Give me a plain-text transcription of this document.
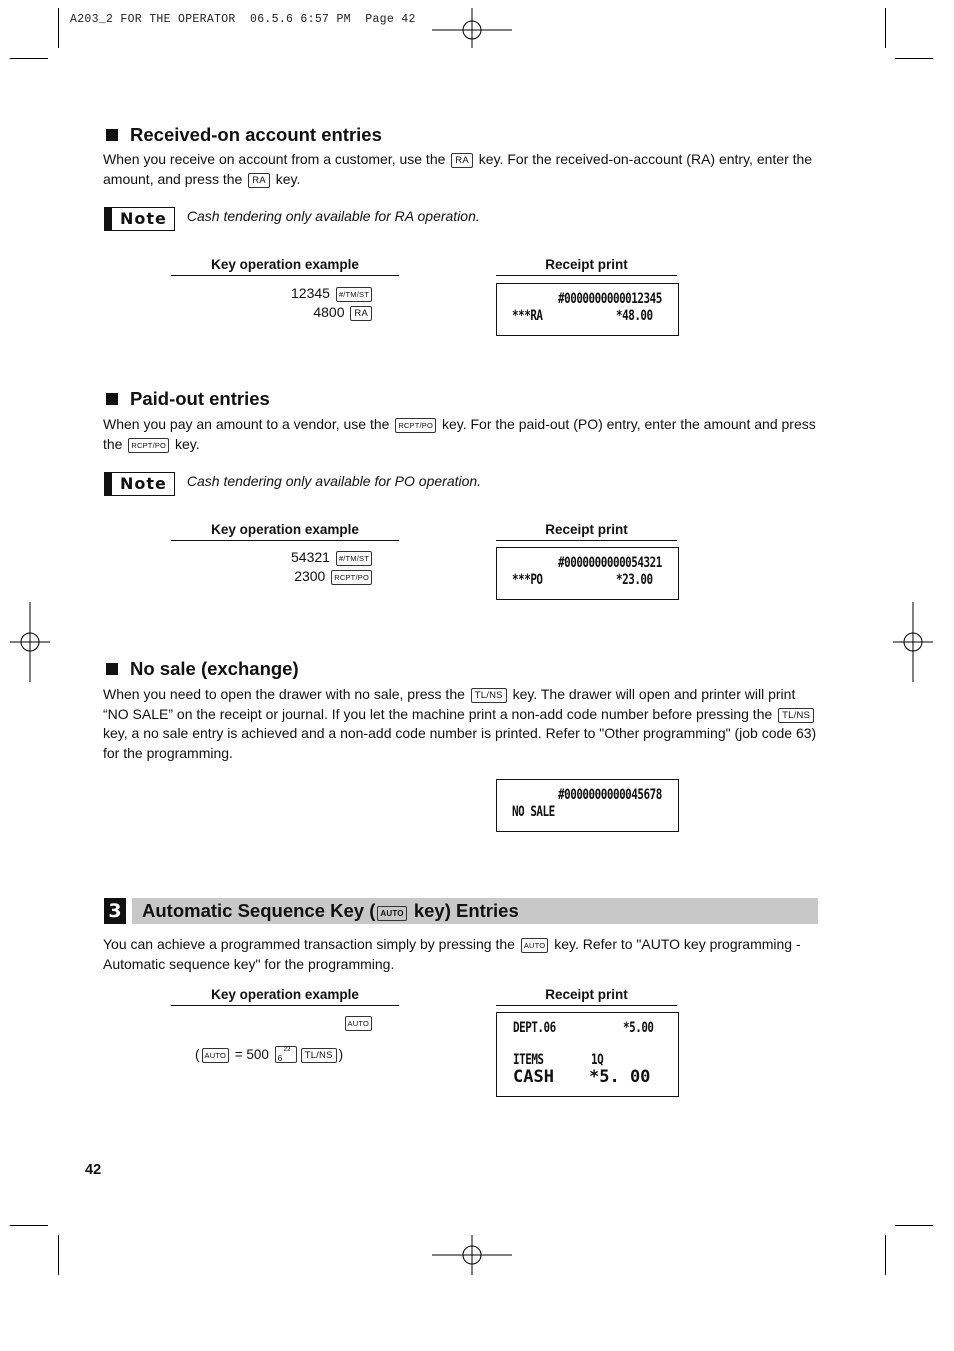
A203_2 FOR THE OPERATOR  06.5.6 6:57 PM  Page 42
Received-on account entries
When you receive on account from a customer, use the RA key. For the received-on-account (RA) entry, enter the amount, and press the RA key.
Note	Cash tendering only available for RA operation.
Key operation example	Receipt print
12345 #/TM/ST
4800 RA
#0000000000012345
***RA	*48.00
Paid-out entries
When you pay an amount to a vendor, use the RCPT/PO key. For the paid-out (PO) entry, enter the amount and press the RCPT/PO key.
Note	Cash tendering only available for PO operation.
Key operation example	Receipt print
54321 #/TM/ST
2300 RCPT/PO
#0000000000054321
***PO	*23.00
No sale (exchange)
When you need to open the drawer with no sale, press the TL/NS key. The drawer will open and printer will print “NO SALE” on the receipt or journal. If you let the machine print a non-add code number before pressing the TL/NS key, a no sale entry is achieved and a non-add code number is printed. Refer to "Other programming" (job code 63) for the programming.
#0000000000045678
NO SALE
3	Automatic Sequence Key ( AUTO key) Entries
You can achieve a programmed transaction simply by pressing the AUTO key. Refer to "AUTO key programming - Automatic sequence key" for the programming.
Key operation example	Receipt print
AUTO
( AUTO = 500 $6^{22}$ TL/NS )
DEPT.06	*5.00
ITEMS	1Q
CASH *5. 00
42
